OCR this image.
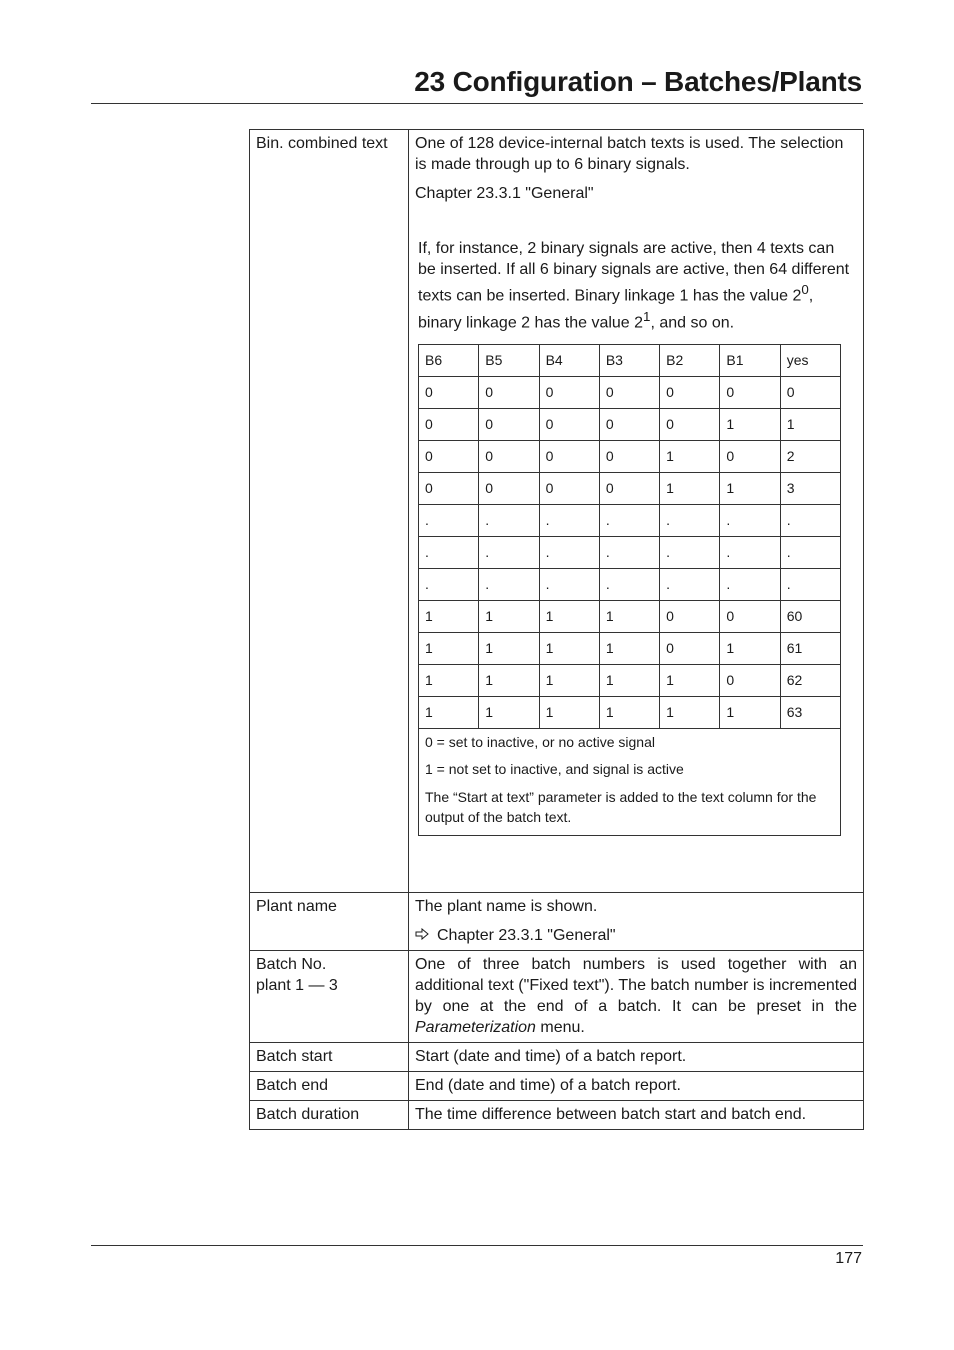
23 Configuration – Batches/Plants
Bin. combined text	One of 128 device-internal batch texts is used. The selection is made through up to 6 binary signals.

Chapter 23.3.1 "General"

If, for instance, 2 binary signals are active, then 4 texts can be inserted. If all 6 binary signals are active, then 64 different texts can be inserted. Binary linkage 1 has the value $2^0$, binary linkage 2 has the value $2^1$, and so on.

B6	B5	B4	B3	B2	B1	yes
0	0	0	0	0	0	0
0	0	0	0	0	1	1
0	0	0	0	1	0	2
0	0	0	0	1	1	3
.	.	.	.	.	.	.
.	.	.	.	.	.	.
.	.	.	.	.	.	.
1	1	1	1	0	0	60
1	1	1	1	0	1	61
1	1	1	1	1	0	62
1	1	1	1	1	1	63

0 = set to inactive, or no active signal

1 = not set to inactive, and signal is active

The “Start at text” parameter is added to the text column for the output of the batch text.

Plant name	The plant name is shown.

Chapter 23.3.1 "General"

Batch No.
plant 1 — 3	One of three batch numbers is used together with an additional text ("Fixed text"). The batch number is incremented by one at the end of a batch. It can be preset in the Parameterization menu.
Batch start	Start (date and time) of a batch report.
Batch end	End (date and time) of a batch report.
Batch duration	The time difference between batch start and batch end.
177
